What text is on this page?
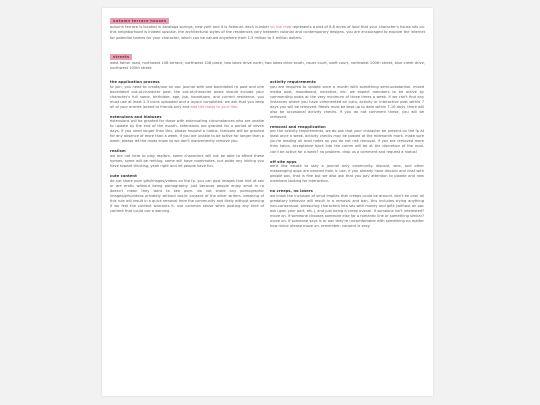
autumn terrace houses
autumn terrace is located in saratoga springs, new york and it is fictional. each number on the map represents a plot of 6-8 acres of land that your character's house sits on. this neighborhood is indeed upscale. the architectural styles of the residences vary between colonial and contemporary designs. you are encouraged to explore the internet for potential homes for your character, which can be valued anywhere from 1.5 million to 5 million dollars.
streets
west father road, northwest 108 terrace, northwest 108 place, two lakes drive north, two lakes drive south, couer court, swift court, northwest 100th street, blue creek drive, northwest 105th street.
the application process
to join, you need to create/use an ooc journal with one backdated rp post and one backdated out-of-character post. the out-of-character posts should include your character's full name, birthdate, age, job, hometown, and current residence. you must use at least 2-3 icons uploaded and a layout completed. we ask that you keep all of your entries locked to friends only and add the mods to your flist.
extensions and hiatuses
extensions will be granted for those with extenuating circumstances who are unable to update by the end of the month. extensions are granted for a period of seven days. if you need longer than this, please request a hiatus. hiatuses will be granted for any absence of more than a week. if you are unable to be active for longer than a week, please let the mods know so we don't inadvertently remove you.
realism
we are not here to play realism. some characters will not be able to afford these homes, some will be renting, some will have roommates, put aside any inkling you have toward thinking, yeah right and let people have fun.
cute content
do not share porn gifs/images/videos on the fp. you can post images that hint at sex or are erotic without being pornography. just because people enjoy smut in rp doesn't mean they want to see porn. do not share any pornographic images/gifs/videos privately without ooc/ic consent of the other writers. breaking of this rule will result in a quick removal from the community and likely without warning if we feel the content warrants it. use common sense when posting any kind of content that could use a warning.
activity requirements
you are required to update once a month with something semi-substantial. mixed media post, moodboard, narrative, etc. we expect members to be active by commenting posts at the very minimum of three times a week. if we can't find any instances where you have commented an intro, activity or interactive post within 7 days you will be removed. fitests must be kept up to date within 7-10 days. there will also be occasional activity checks. if you do not comment these, you will be removed.
removal and reapplication
per the activity requirements, we do ask that your character be present on the fp at least once a week. activity checks may be posted at the midmonth mark. make sure you're reading all mod notes so you do not risk removal. if you are removed more than twice, acceptance back into the comm will be at the discretion of the mod. can't be active for a week? no problem. drop us a comment and request a hiatus!
off site apps
we'd like estate to stay a journal only community. discord, wire, and other messenging apps are banned from ic use. if you already have discord and chat with people ooc, that is fine but we also ask that you pay attention to plaade and new members looking for interaction.
no creeps, no losers
we know the inclusion of smut implies that creeps could be around. don't be one! all predatory behavior will result in a removal and ban. this includes trying anything non-consensual, pressuring characters into sex with money and gifts (without an ooc ask upon your part, etc.), and just being a creep overall. if someone isn't interested? move on. if someone chooses someone else for a romantic line or something similar? move on. if someone says ic or ooc they're uncomfortable with something no matter how minor please move on. remember: consent is sexy.
